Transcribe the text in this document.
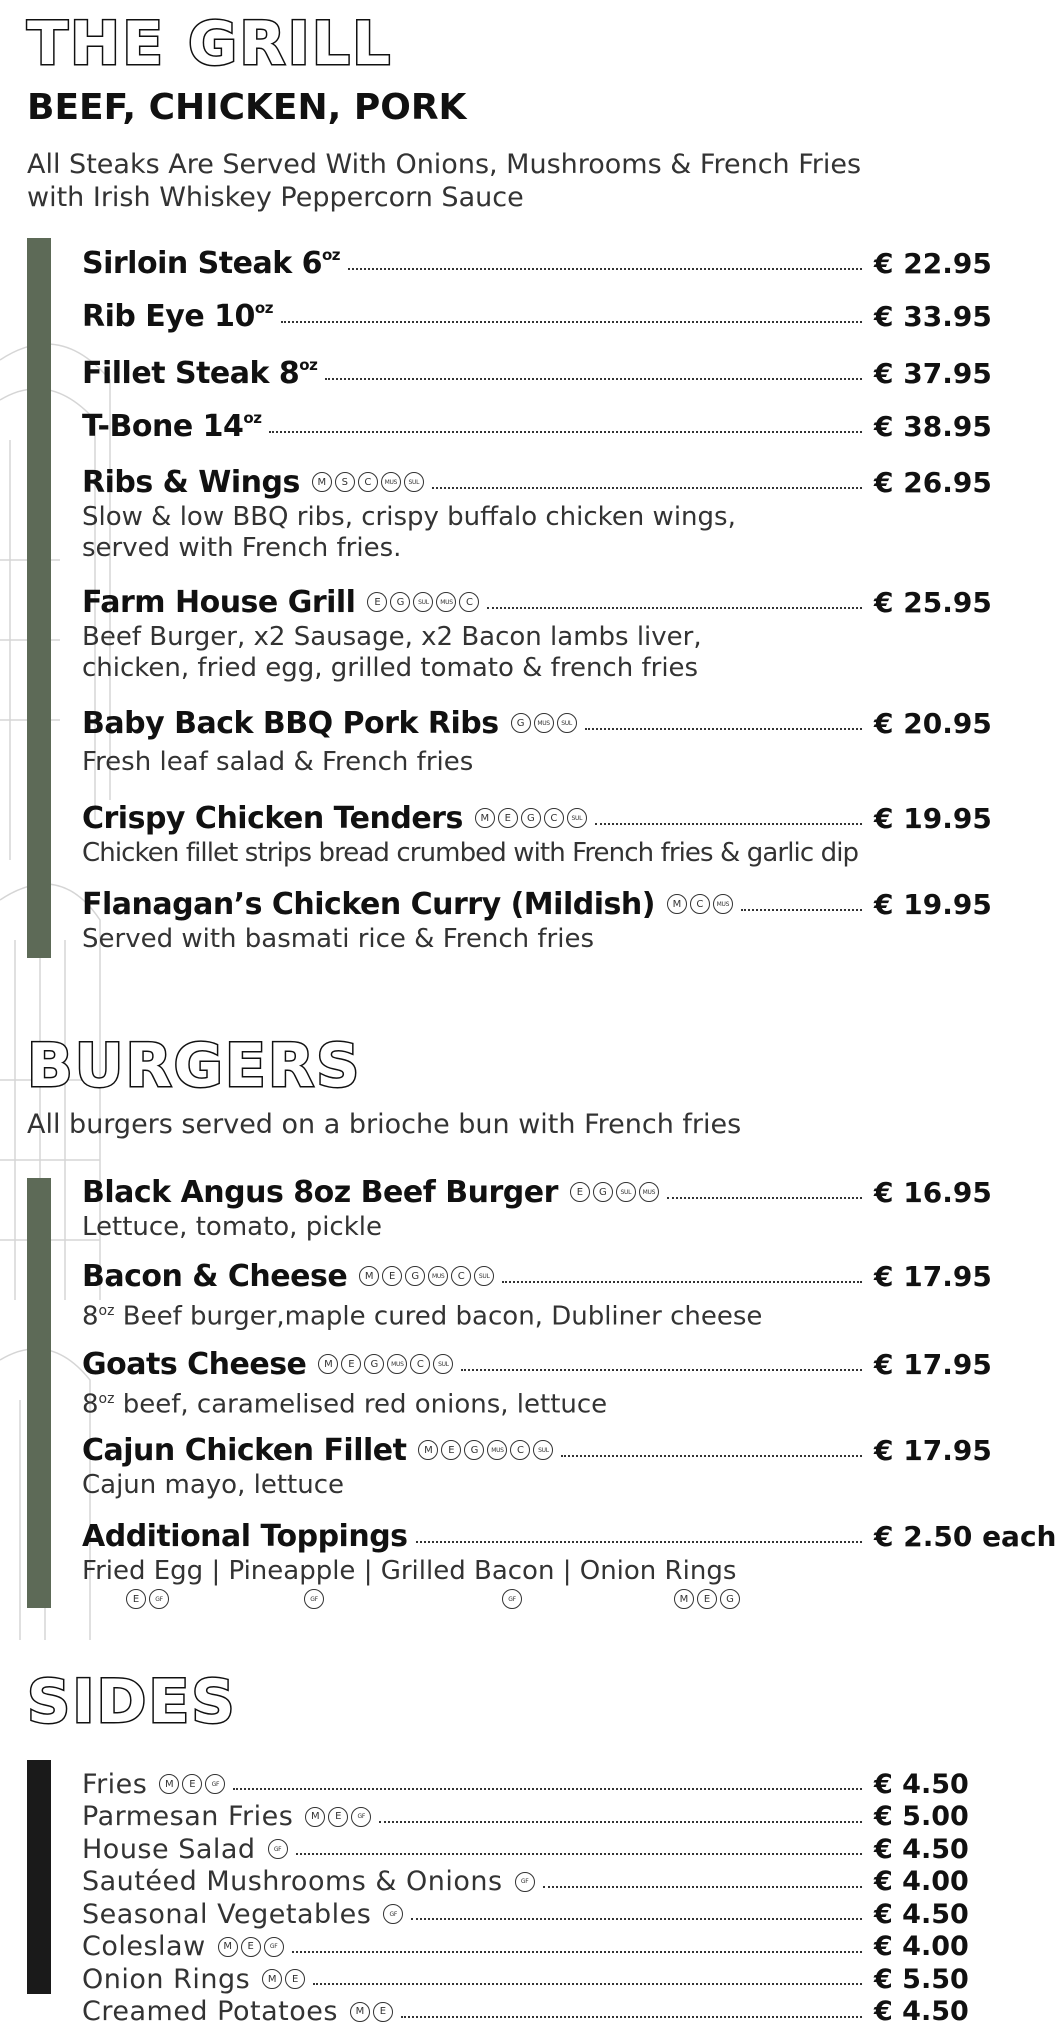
THE GRILL
BEEF, CHICKEN, PORK

All Steaks Are Served With Onions, Mushrooms & French Fries
with Irish Whiskey Peppercorn Sauce

Sirloin Steak $6^{oz}$	€ 22.95
Rib Eye $10^{oz}$	€ 33.95
Fillet Steak $8^{oz}$	€ 37.95
T-Bone $14^{oz}$	€ 38.95
Ribs & Wings	M	S	C	MUS	SUL	€ 26.95
Slow & low BBQ ribs, crispy buffalo chicken wings,
served with French fries.
Farm House Grill	E	G	SUL	MUS	C	€ 25.95
Beef Burger, x2 Sausage, x2 Bacon lambs liver,
chicken, fried egg, grilled tomato & french fries
Baby Back BBQ Pork Ribs	G	MUS	SUL	€ 20.95
Fresh leaf salad & French fries
Crispy Chicken Tenders	M	E	G	C	SUL	€ 19.95
Chicken fillet strips bread crumbed with French fries & garlic dip
Flanagan’s Chicken Curry (Mildish)	M	C	MUS	€ 19.95
Served with basmati rice & French fries
BURGERS

All burgers served on a brioche bun with French fries

Black Angus 8oz Beef Burger	E	G	SUL	MUS	€ 16.95
Lettuce, tomato, pickle
Bacon & Cheese	M	E	G	MUS	C	SUL	€ 17.95
$8^{oz}$ Beef burger,maple cured bacon, Dubliner cheese
Goats Cheese	M	E	G	MUS	C	SUL	€ 17.95
$8^{oz}$ beef, caramelised red onions, lettuce
Cajun Chicken Fillet	M	E	G	MUS	C	SUL	€ 17.95
Cajun mayo, lettuce
Additional Toppings	€ 2.50 each
Fried Egg | Pineapple | Grilled Bacon | Onion Rings
E	GF	GF	GF	M	E	G
SIDES
Fries	M	E	GF	€ 4.50
Parmesan Fries	M	E	GF	€ 5.00
House Salad	GF	€ 4.50
Sautéed Mushrooms & Onions	GF	€ 4.00
Seasonal Vegetables	GF	€ 4.50
Coleslaw	M	E	GF	€ 4.00
Onion Rings	M	E	€ 5.50
Creamed Potatoes	M	E	€ 4.50
